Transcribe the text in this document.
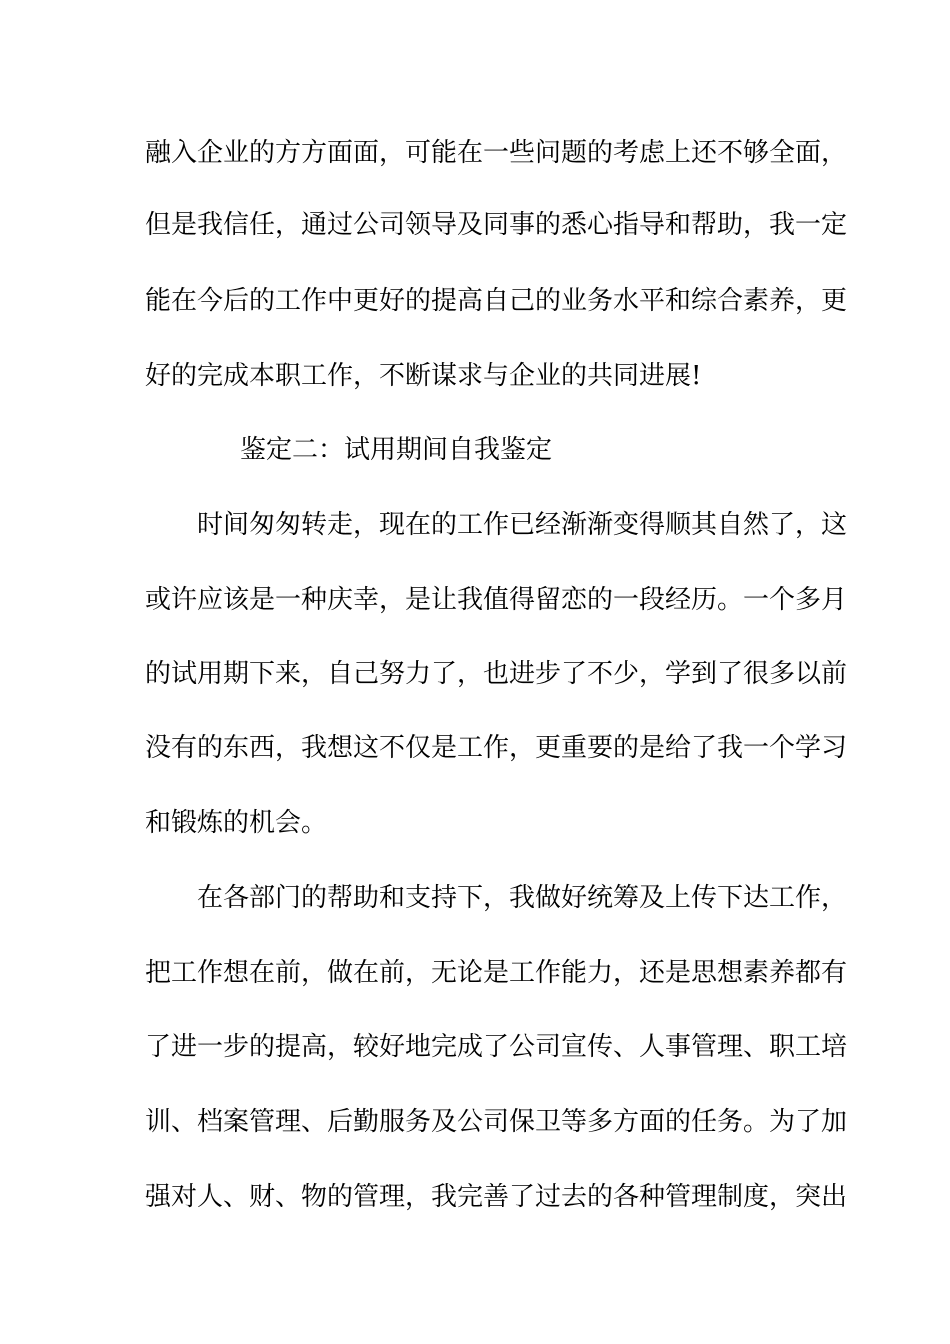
融入企业的方方面面，可能在一些问题的考虑上还不够全面，
但是我信任，通过公司领导及同事的悉心指导和帮助，我一定
能在今后的工作中更好的提高自己的业务水平和综合素养，更
好的完成本职工作，不断谋求与企业的共同进展!
鉴定二：试用期间自我鉴定
时间匆匆转走，现在的工作已经渐渐变得顺其自然了，这
或许应该是一种庆幸，是让我值得留恋的一段经历。一个多月
的试用期下来，自己努力了，也进步了不少，学到了很多以前
没有的东西，我想这不仅是工作，更重要的是给了我一个学习
和锻炼的机会。
在各部门的帮助和支持下，我做好统筹及上传下达工作，
把工作想在前，做在前，无论是工作能力，还是思想素养都有
了进一步的提高，较好地完成了公司宣传、人事管理、职工培
训、档案管理、后勤服务及公司保卫等多方面的任务。为了加
强对人、财、物的管理，我完善了过去的各种管理制度，突出
